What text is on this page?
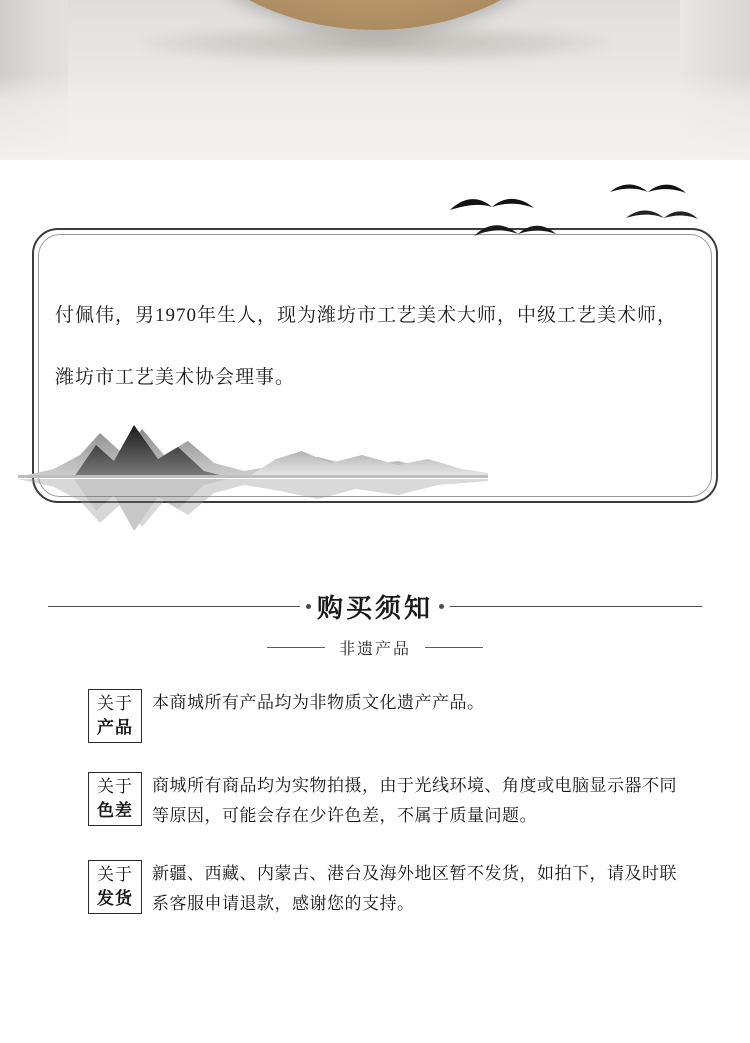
付佩伟，男1970年生人，现为潍坊市工艺美术大师，中级工艺美术师，潍坊市工艺美术协会理事。
购买须知
非遗产品
关于
产品
本商城所有产品均为非物质文化遗产产品。
关于
色差
商城所有商品均为实物拍摄，由于光线环境、角度或电脑显示器不同等原因，可能会存在少许色差，不属于质量问题。
关于
发货
新疆、西藏、内蒙古、港台及海外地区暂不发货，如拍下，请及时联系客服申请退款，感谢您的支持。
